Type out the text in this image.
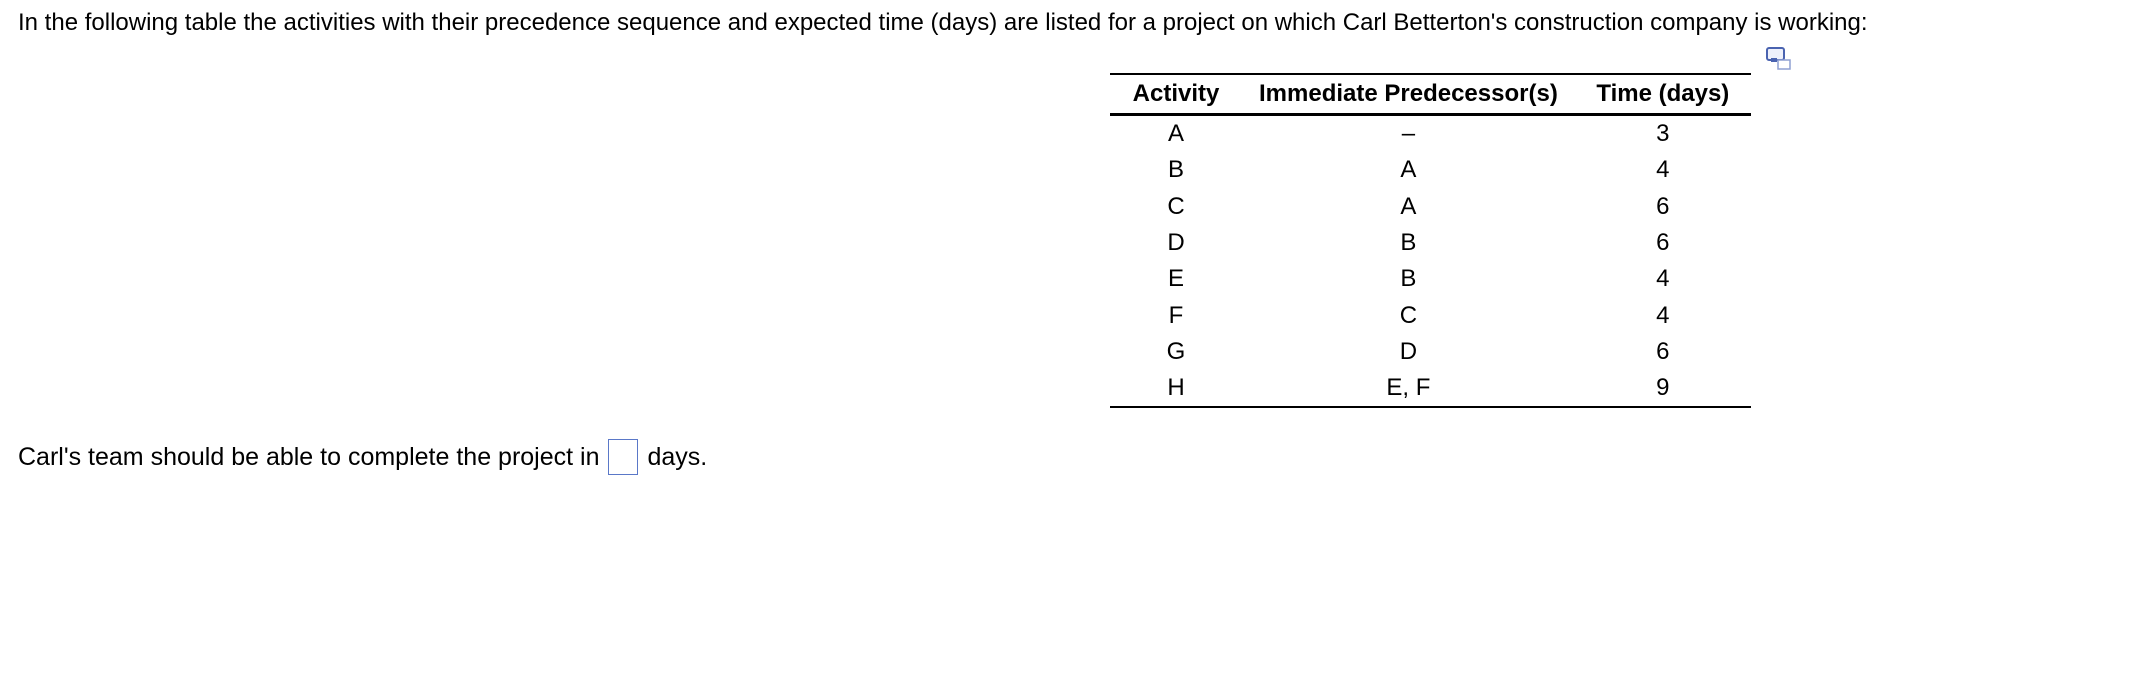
In the following table the activities with their precedence sequence and expected time (days) are listed for a project on which Carl Betterton's construction company is working:
Activity	Immediate Predecessor(s)	Time (days)
A	–	3
B	A	4
C	A	6
D	B	6
E	B	4
F	C	4
G	D	6
H	E, F	9
Carl's team should be able to complete the project in days.
